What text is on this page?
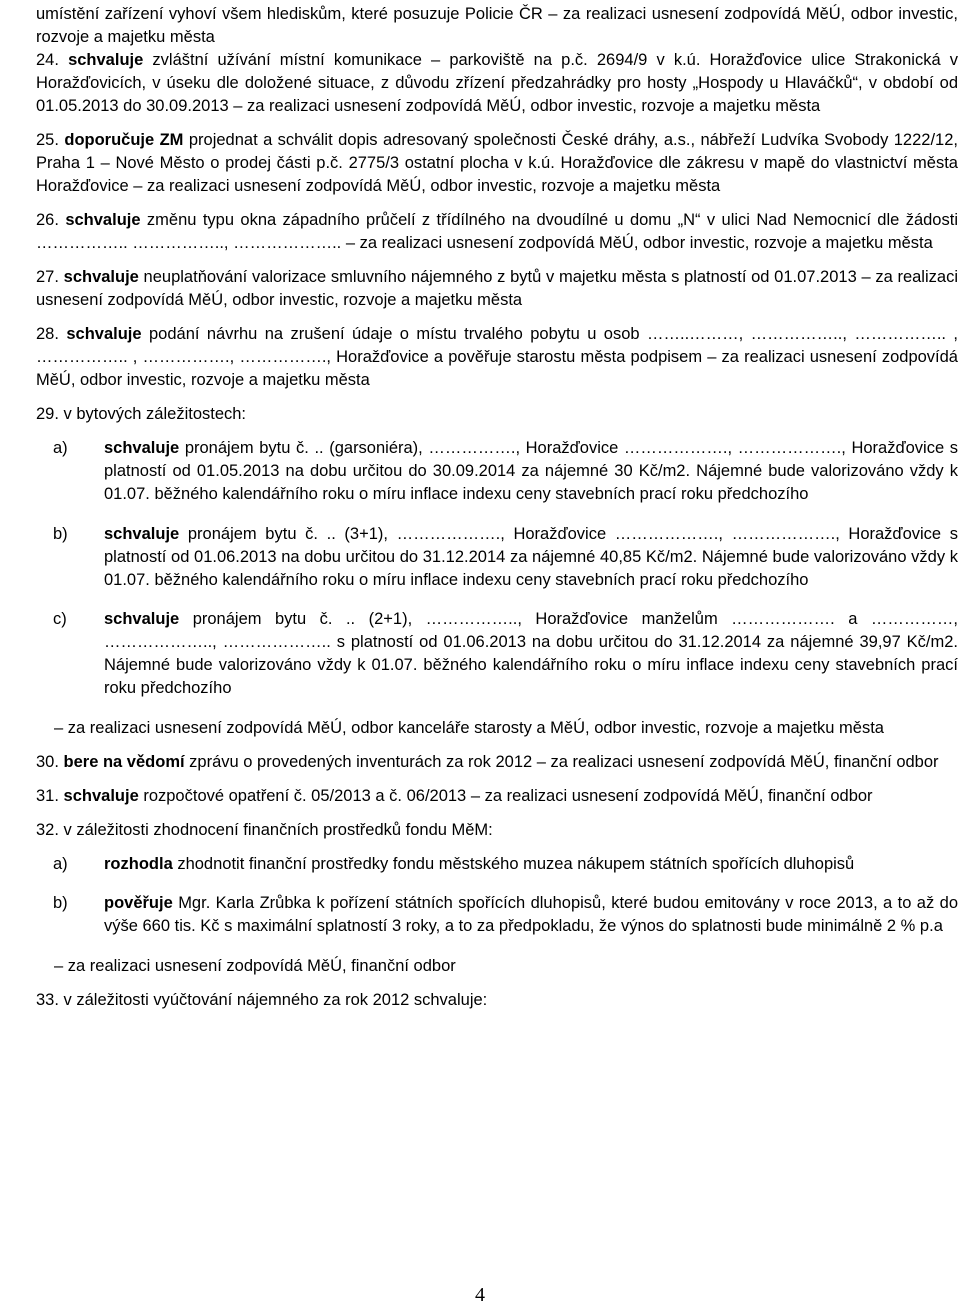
umístění zařízení vyhoví všem hlediskům, které posuzuje Policie ČR – za realizaci usnesení zodpovídá MěÚ, odbor investic, rozvoje a majetku města

24. schvaluje zvláštní užívání místní komunikace – parkoviště na p.č. 2694/9 v k.ú. Horažďovice ulice Strakonická v Horažďovicích, v úseku dle doložené situace, z důvodu zřízení předzahrádky pro hosty „Hospody u Hlaváčků“, v období od 01.05.2013 do 30.09.2013 – za realizaci usnesení zodpovídá MěÚ, odbor investic, rozvoje a majetku města

25. doporučuje ZM projednat a schválit dopis adresovaný společnosti České dráhy, a.s., nábřeží Ludvíka Svobody 1222/12, Praha 1 – Nové Město o prodej části p.č. 2775/3 ostatní plocha v k.ú. Horažďovice dle zákresu v mapě do vlastnictví města Horažďovice – za realizaci usnesení zodpovídá MěÚ, odbor investic, rozvoje a majetku města

26. schvaluje změnu typu okna západního průčelí z třídílného na dvoudílné u domu „N“ v ulici Nad Nemocnicí dle žádosti …………….. …………….., ……………….. – za realizaci usnesení zodpovídá MěÚ, odbor investic, rozvoje a majetku města

27. schvaluje neuplatňování valorizace smluvního nájemného z bytů v majetku města s platností od 01.07.2013 – za realizaci usnesení zodpovídá MěÚ, odbor investic, rozvoje a majetku města

28. schvaluje podání návrhu na zrušení údaje o místu trvalého pobytu u osob ……..………, …………….., …………….. , …………….. , ……………., ……………., Horažďovice a pověřuje starostu města podpisem – za realizaci usnesení zodpovídá MěÚ, odbor investic, rozvoje a majetku města

29. v bytových záležitostech:

a) schvaluje pronájem bytu č. .. (garsoniéra), ……………., Horažďovice ………………., ………………., Horažďovice s platností od 01.05.2013 na dobu určitou do 30.09.2014 za nájemné 30 Kč/m2. Nájemné bude valorizováno vždy k 01.07. běžného kalendářního roku o míru inflace indexu ceny stavebních prací roku předchozího

b) schvaluje pronájem bytu č. .. (3+1), ………………., Horažďovice ………………., ………………., Horažďovice s platností od 01.06.2013 na dobu určitou do 31.12.2014 za nájemné 40,85 Kč/m2. Nájemné bude valorizováno vždy k 01.07. běžného kalendářního roku o míru inflace indexu ceny stavebních prací roku předchozího

c) schvaluje pronájem bytu č. .. (2+1), …………….., Horažďovice manželům ………………. a ……………, ……………….., ……………….. s platností od 01.06.2013 na dobu určitou do 31.12.2014 za nájemné 39,97 Kč/m2. Nájemné bude valorizováno vždy k 01.07. běžného kalendářního roku o míru inflace indexu ceny stavebních prací roku předchozího

– za realizaci usnesení zodpovídá MěÚ, odbor kanceláře starosty a MěÚ, odbor investic, rozvoje a majetku města

30. bere na vědomí zprávu o provedených inventurách za rok 2012 – za realizaci usnesení zodpovídá MěÚ, finanční odbor

31. schvaluje rozpočtové opatření č. 05/2013 a č. 06/2013 – za realizaci usnesení zodpovídá MěÚ, finanční odbor

32. v záležitosti zhodnocení finančních prostředků fondu MěM:

a) rozhodla zhodnotit finanční prostředky fondu městského muzea nákupem státních spořících dluhopisů

b) pověřuje Mgr. Karla Zrůbka k pořízení státních spořících dluhopisů, které budou emitovány v roce 2013, a to až do výše 660 tis. Kč s maximální splatností 3 roky, a to za předpokladu, že výnos do splatnosti bude minimálně 2 % p.a

– za realizaci usnesení zodpovídá MěÚ, finanční odbor

33. v záležitosti vyúčtování nájemného za rok 2012 schvaluje:

4
